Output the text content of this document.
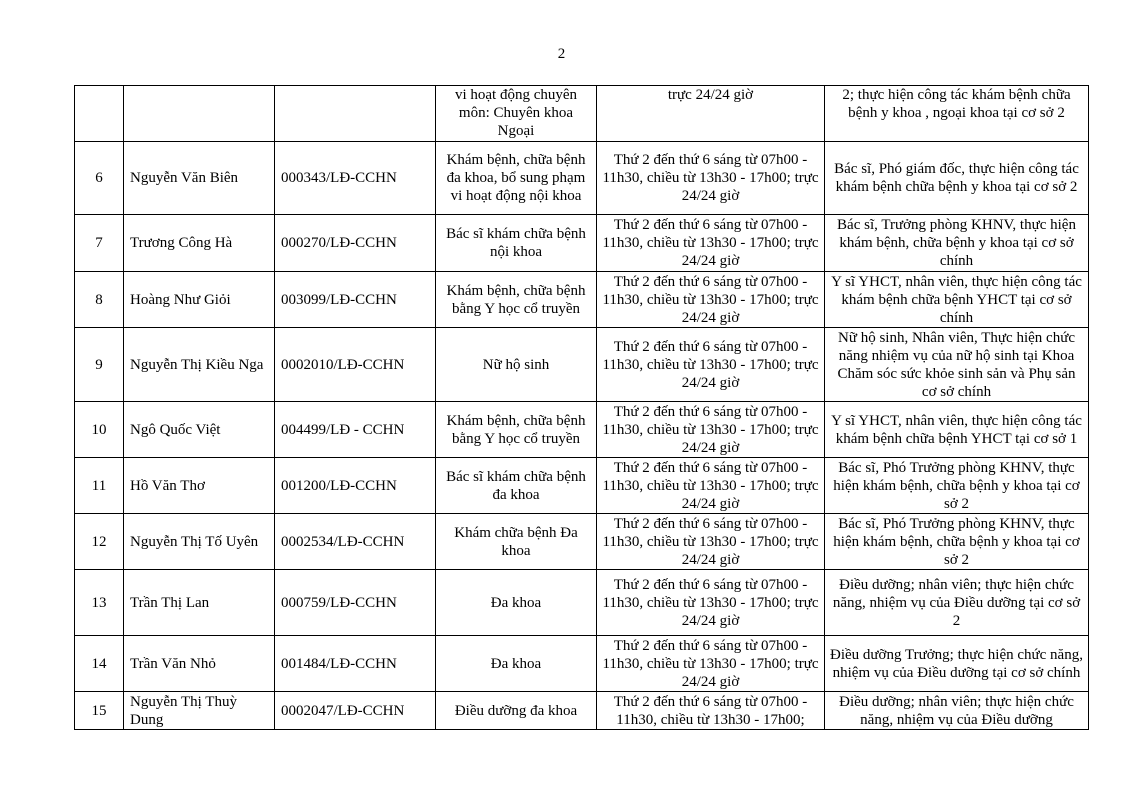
2
			vi hoạt động chuyên môn: Chuyên khoa Ngoại	trực 24/24 giờ	2; thực hiện công tác khám bệnh chữa bệnh y khoa , ngoại khoa tại cơ sở 2
6	Nguyễn Văn Biên	000343/LĐ-CCHN	Khám bệnh, chữa bệnh đa khoa, bổ sung phạm vi hoạt động nội khoa	Thứ 2 đến thứ 6 sáng từ 07h00 - 11h30, chiều từ 13h30 - 17h00; trực 24/24 giờ	Bác sĩ, Phó giám đốc, thực hiện công tác khám bệnh chữa bệnh y khoa tại cơ sở 2
7	Trương Công Hà	000270/LĐ-CCHN	Bác sĩ khám chữa bệnh nội khoa	Thứ 2 đến thứ 6 sáng từ 07h00 - 11h30, chiều từ 13h30 - 17h00; trực 24/24 giờ	Bác sĩ, Trưởng phòng KHNV, thực hiện khám bệnh, chữa bệnh y khoa tại cơ sở chính
8	Hoàng Như Giỏi	003099/LĐ-CCHN	Khám bệnh, chữa bệnh bằng Y học cổ truyền	Thứ 2 đến thứ 6 sáng từ 07h00 - 11h30, chiều từ 13h30 - 17h00; trực 24/24 giờ	Y sĩ YHCT, nhân viên, thực hiện công tác khám bệnh chữa bệnh YHCT tại cơ sở chính
9	Nguyễn Thị Kiều Nga	0002010/LĐ-CCHN	Nữ hộ sinh	Thứ 2 đến thứ 6 sáng từ 07h00 - 11h30, chiều từ 13h30 - 17h00; trực 24/24 giờ	Nữ hộ sinh, Nhân viên, Thực hiện chức năng nhiệm vụ của nữ hộ sinh tại Khoa Chăm sóc sức khỏe sinh sản và Phụ sản cơ sở chính
10	Ngô Quốc Việt	004499/LĐ - CCHN	Khám bệnh, chữa bệnh bằng Y học cổ truyền	Thứ 2 đến thứ 6 sáng từ 07h00 - 11h30, chiều từ 13h30 - 17h00; trực 24/24 giờ	Y sĩ YHCT, nhân viên, thực hiện công tác khám bệnh chữa bệnh YHCT tại cơ sở 1
11	Hồ Văn Thơ	001200/LĐ-CCHN	Bác sĩ khám chữa bệnh đa khoa	Thứ 2 đến thứ 6 sáng từ 07h00 - 11h30, chiều từ 13h30 - 17h00; trực 24/24 giờ	Bác sĩ, Phó Trưởng phòng KHNV, thực hiện khám bệnh, chữa bệnh y khoa tại cơ sở 2
12	Nguyễn Thị Tố Uyên	0002534/LĐ-CCHN	Khám chữa bệnh Đa khoa	Thứ 2 đến thứ 6 sáng từ 07h00 - 11h30, chiều từ 13h30 - 17h00; trực 24/24 giờ	Bác sĩ, Phó Trưởng phòng KHNV, thực hiện khám bệnh, chữa bệnh y khoa tại cơ sở 2
13	Trần Thị Lan	000759/LĐ-CCHN	Đa khoa	Thứ 2 đến thứ 6 sáng từ 07h00 - 11h30, chiều từ 13h30 - 17h00; trực 24/24 giờ	Điều dưỡng; nhân viên; thực hiện chức năng, nhiệm vụ của Điều dưỡng tại cơ sở 2
14	Trần Văn Nhỏ	001484/LĐ-CCHN	Đa khoa	Thứ 2 đến thứ 6 sáng từ 07h00 - 11h30, chiều từ 13h30 - 17h00; trực 24/24 giờ	Điều dưỡng Trưởng; thực hiện chức năng, nhiệm vụ của Điều dưỡng tại cơ sở chính
15	Nguyễn Thị Thuỳ Dung	0002047/LĐ-CCHN	Điều dưỡng đa khoa	Thứ 2 đến thứ 6 sáng từ 07h00 - 11h30, chiều từ 13h30 - 17h00;	Điều dưỡng; nhân viên; thực hiện chức năng, nhiệm vụ của Điều dưỡng
